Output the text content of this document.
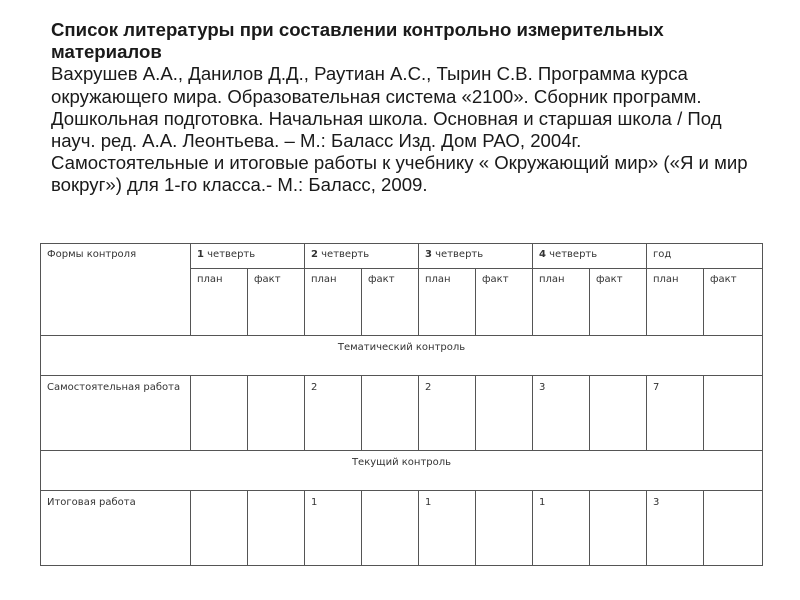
Список литературы при составлении контрольно измерительных материалов
Вахрушев А.А., Данилов Д.Д., Раутиан А.С., Тырин С.В. Программа курса окружающего мира. Образовательная система «2100». Сборник программ. Дошкольная подготовка. Начальная школа. Основная и старшая школа / Под науч. ред. А.А. Леонтьева. – М.: Баласс Изд. Дом РАО, 2004г.
Самостоятельные и итоговые работы к учебнику « Окружающий мир» («Я и мир вокруг») для 1-го класса.- М.: Баласс, 2009.
Формы контроля	1 четверть		2 четверть		3 четверть		4 четверть		год	
	план	факт	план	факт	план	факт	план	факт	план	факт
Тематический контроль										
Самостоятельная работа			2		2		3		7	
Текущий контроль										
Итоговая работа			1		1		1		3	
